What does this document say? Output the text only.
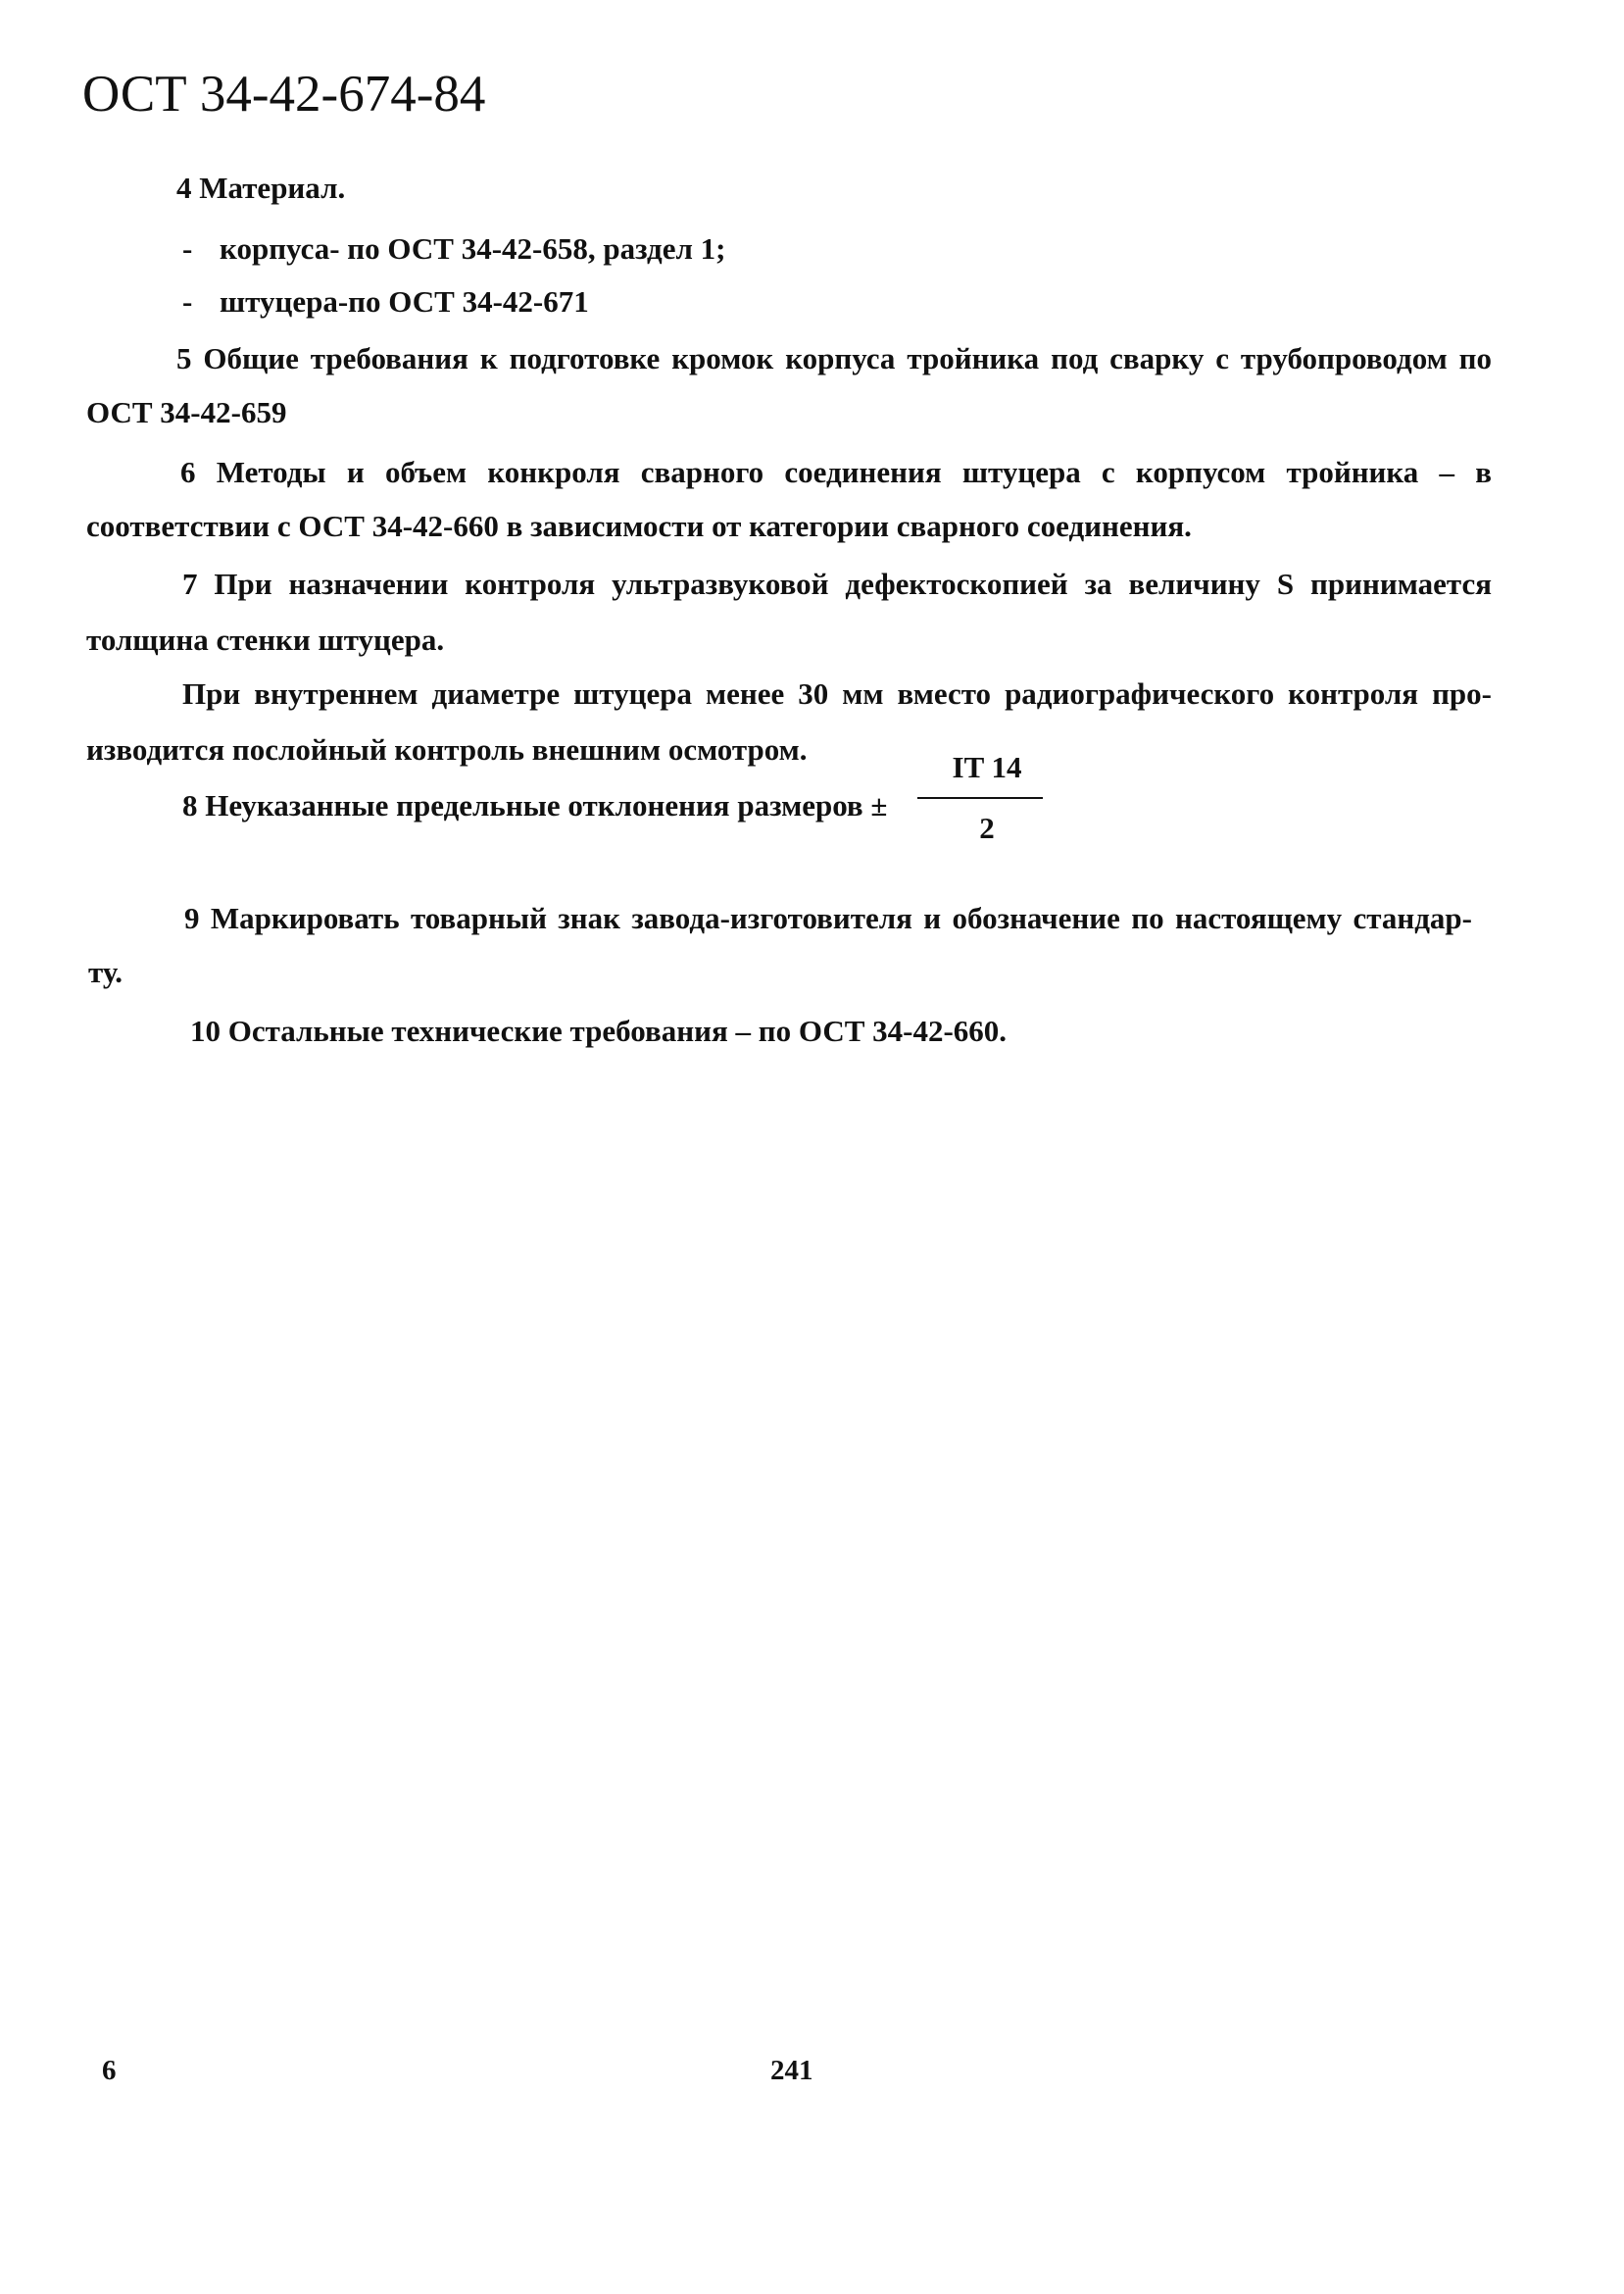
ОСТ 34-42-674-84
4 Материал.
- корпуса- по ОСТ 34-42-658, раздел 1;
- штуцера-по ОСТ 34-42-671
5 Общие требования к подготовке кромок корпуса тройника под сварку с трубопроводом по
ОСТ 34-42-659
6 Методы и объем конкроля сварного соединения штуцера с корпусом тройника – в
соответствии с ОСТ 34-42-660 в зависимости от категории сварного соединения.
7 При назначении контроля ультразвуковой дефектоскопией за величину S принимается
толщина стенки штуцера.
При внутреннем диаметре штуцера менее 30 мм вместо радиографического контроля про-
изводится послойный контроль внешним осмотром.
8 Неуказанные предельные отклонения размеров ±
IT 14
2
9 Маркировать товарный знак завода-изготовителя и обозначение по настоящему стандар-
ту.
10 Остальные технические требования – по ОСТ 34-42-660.
6	241
